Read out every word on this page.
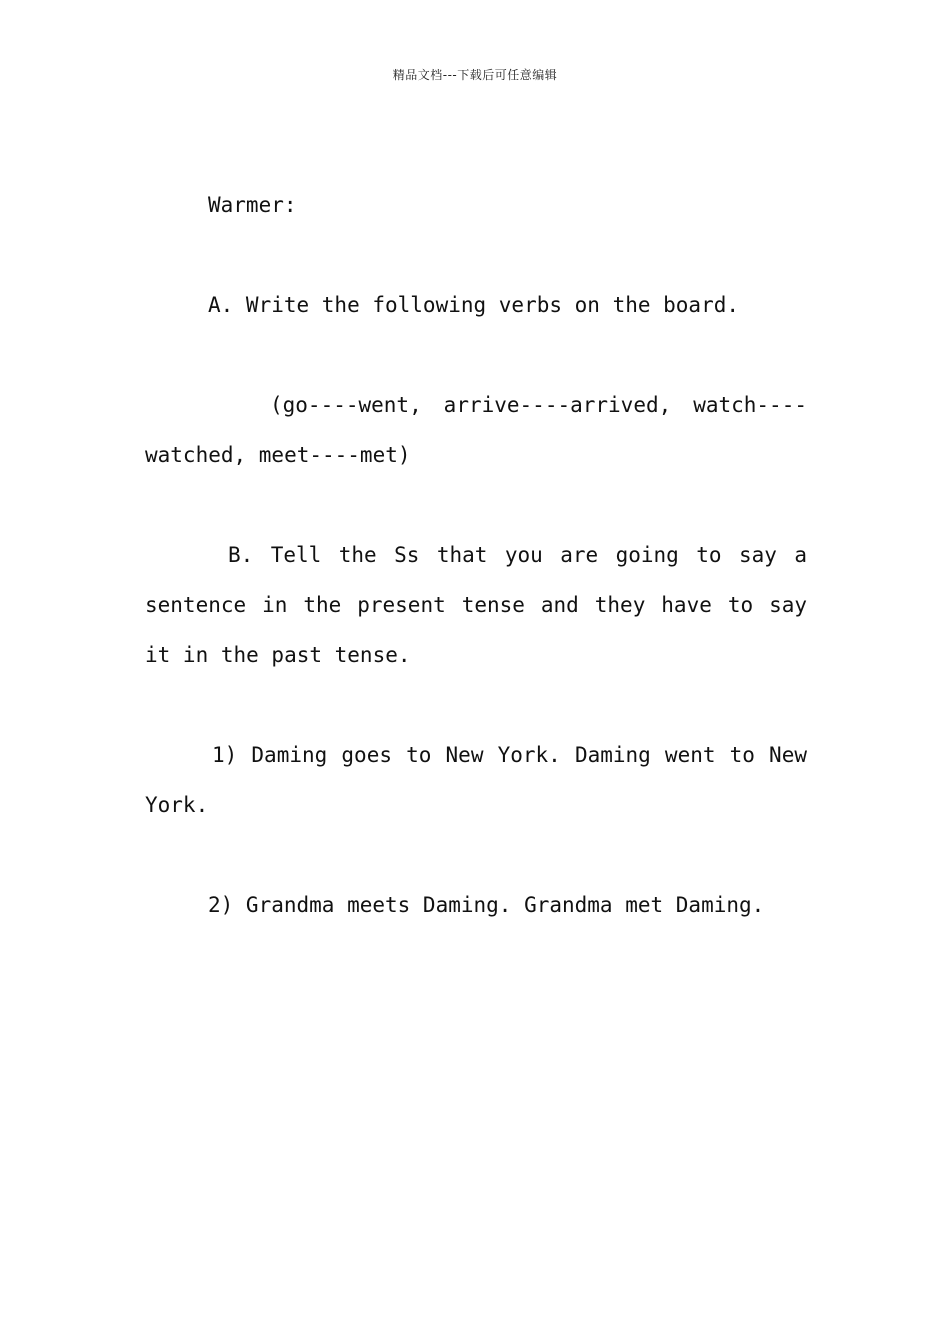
精品文档---下载后可任意编辑

Warmer:

A. Write the following verbs on the board.

(go----went, arrive----arrived, watch----watched, meet----met)

B. Tell the Ss that you are going to say a sentence in the present tense and they have to say it in the past tense.

1) Daming goes to New York. Daming went to New York.

2) Grandma meets Daming. Grandma met Daming.
